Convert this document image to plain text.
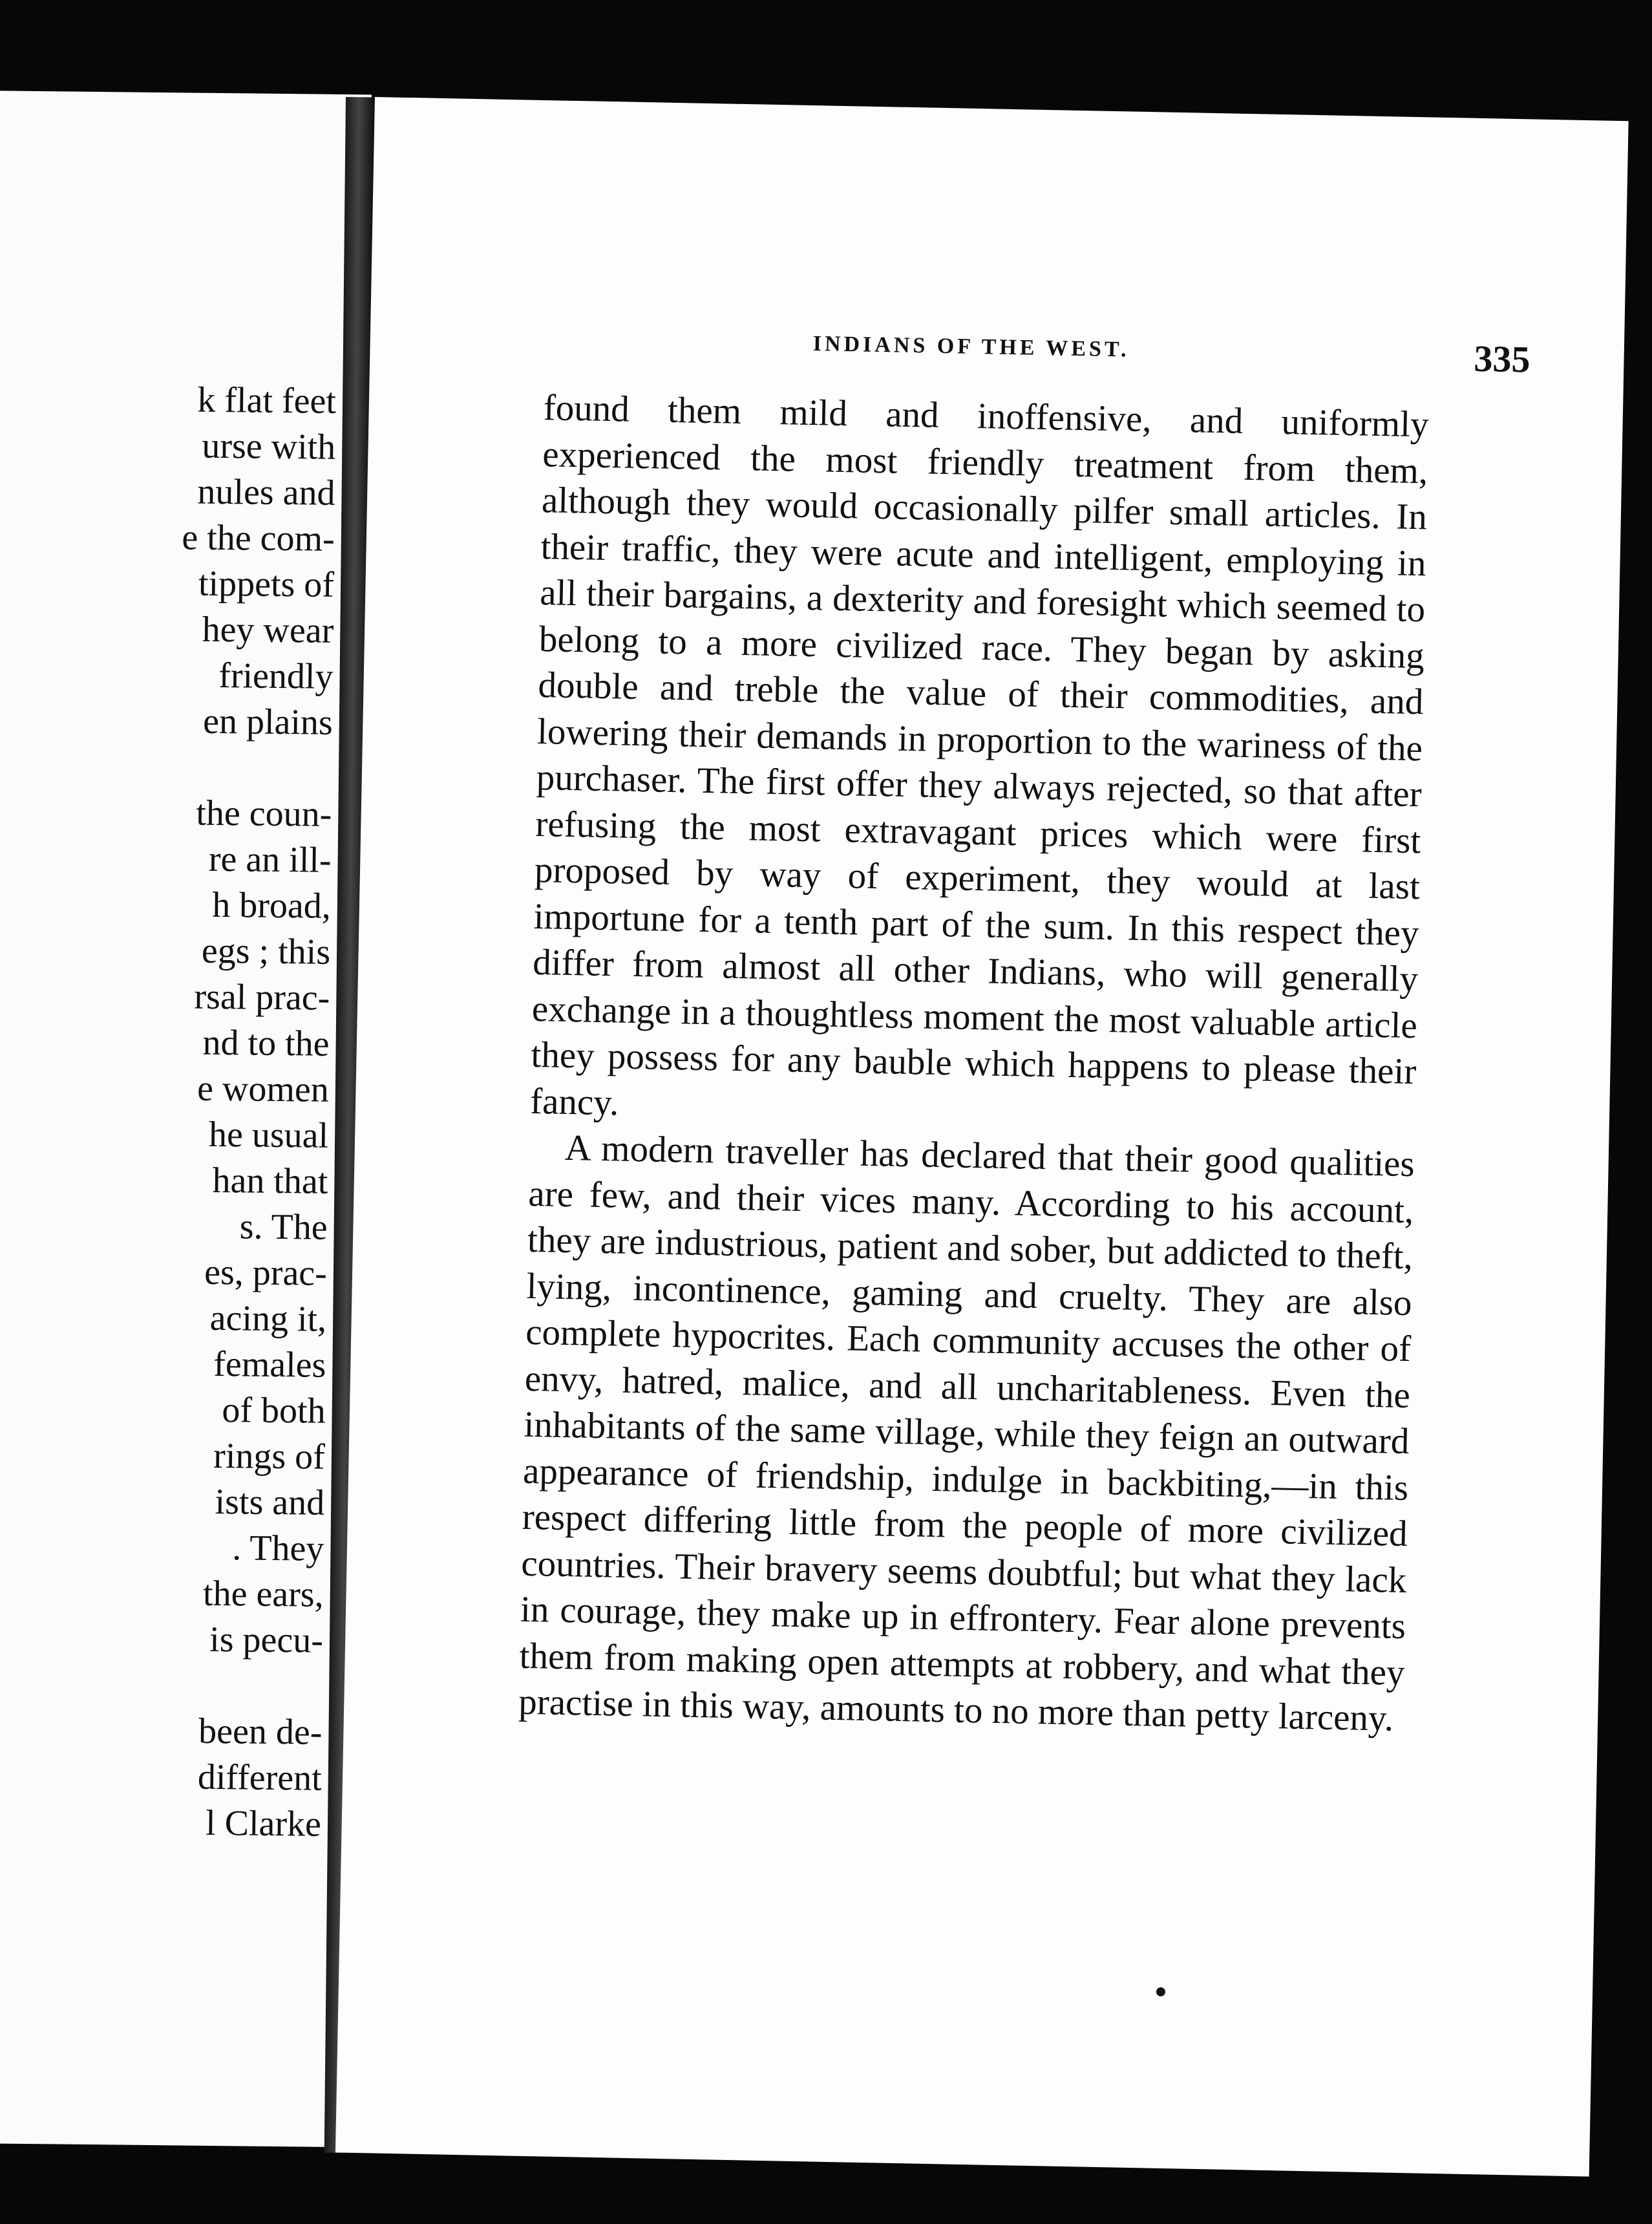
k flat feet
urse with
nules and
e the com-
tippets of
hey wear
friendly
en plains
the coun-
re an ill-
h broad,
egs ; this
rsal prac-
nd to the
e women
he usual
han that
s. The
es, prac-
acing it,
females
of both
rings of
ists and
. They
the ears,
is pecu-
been de-
different
l Clarke
INDIANS OF THE WEST.	335

found them mild and inoffensive, and uniformly experienced the most friendly treatment from them, although they would occasionally pilfer small articles. In their traffic, they were acute and intelligent, employing in all their bargains, a dexterity and foresight which seemed to belong to a more civilized race. They began by asking double and treble the value of their commodities, and lowering their demands in proportion to the wariness of the purchaser. The first offer they always rejected, so that after refusing the most extravagant prices which were first proposed by way of experiment, they would at last importune for a tenth part of the sum. In this respect they differ from almost all other Indians, who will generally exchange in a thoughtless moment the most valuable article they possess for any bauble which happens to please their fancy.

A modern traveller has declared that their good qualities are few, and their vices many. According to his account, they are industrious, patient and sober, but addicted to theft, lying, incontinence, gaming and cruelty. They are also complete hypocrites. Each community accuses the other of envy, hatred, malice, and all uncharitableness. Even the inhabitants of the same village, while they feign an outward appearance of friendship, indulge in backbiting,—in this respect differing little from the people of more civilized countries. Their bravery seems doubtful; but what they lack in courage, they make up in effrontery. Fear alone prevents them from making open attempts at robbery, and what they practise in this way, amounts to no more than petty larceny.
